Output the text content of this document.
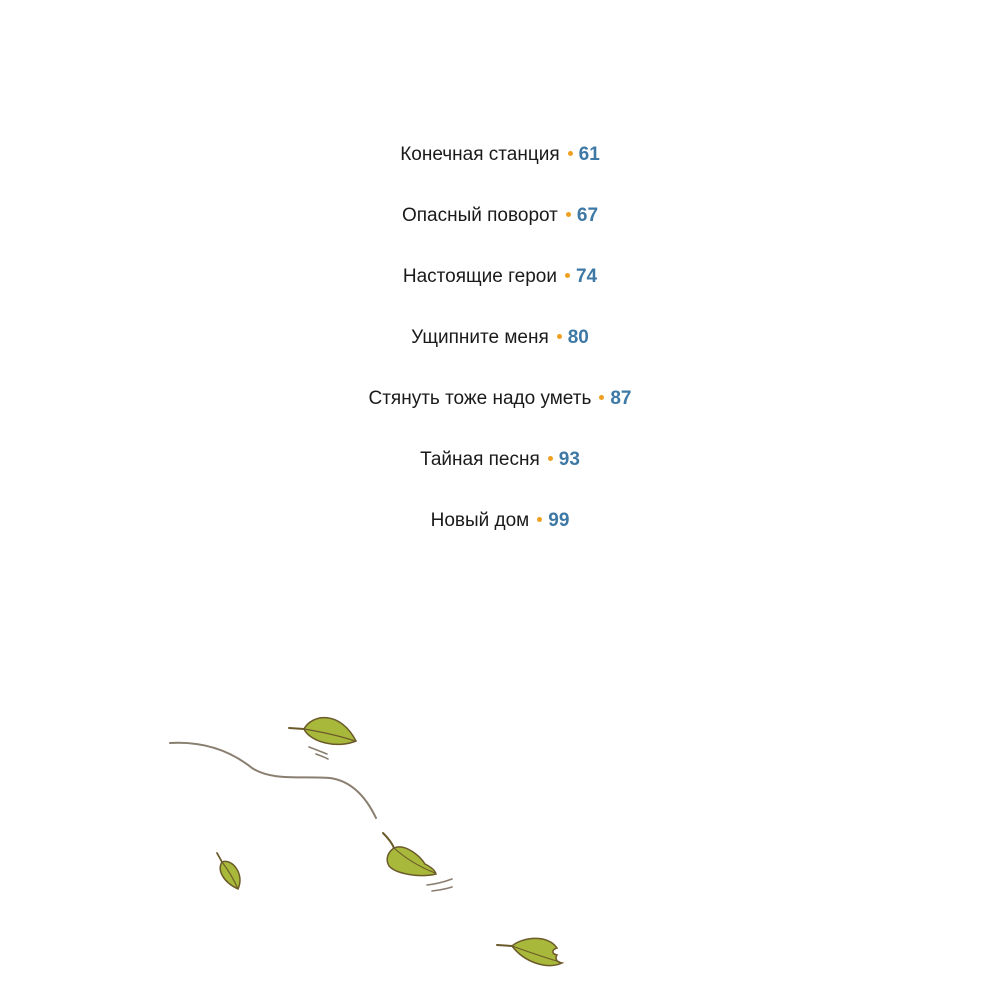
Конечная станция 61
Опасный поворот 67
Настоящие герои 74
Ущипните меня 80
Стянуть тоже надо уметь 87
Тайная песня 93
Новый дом 99
